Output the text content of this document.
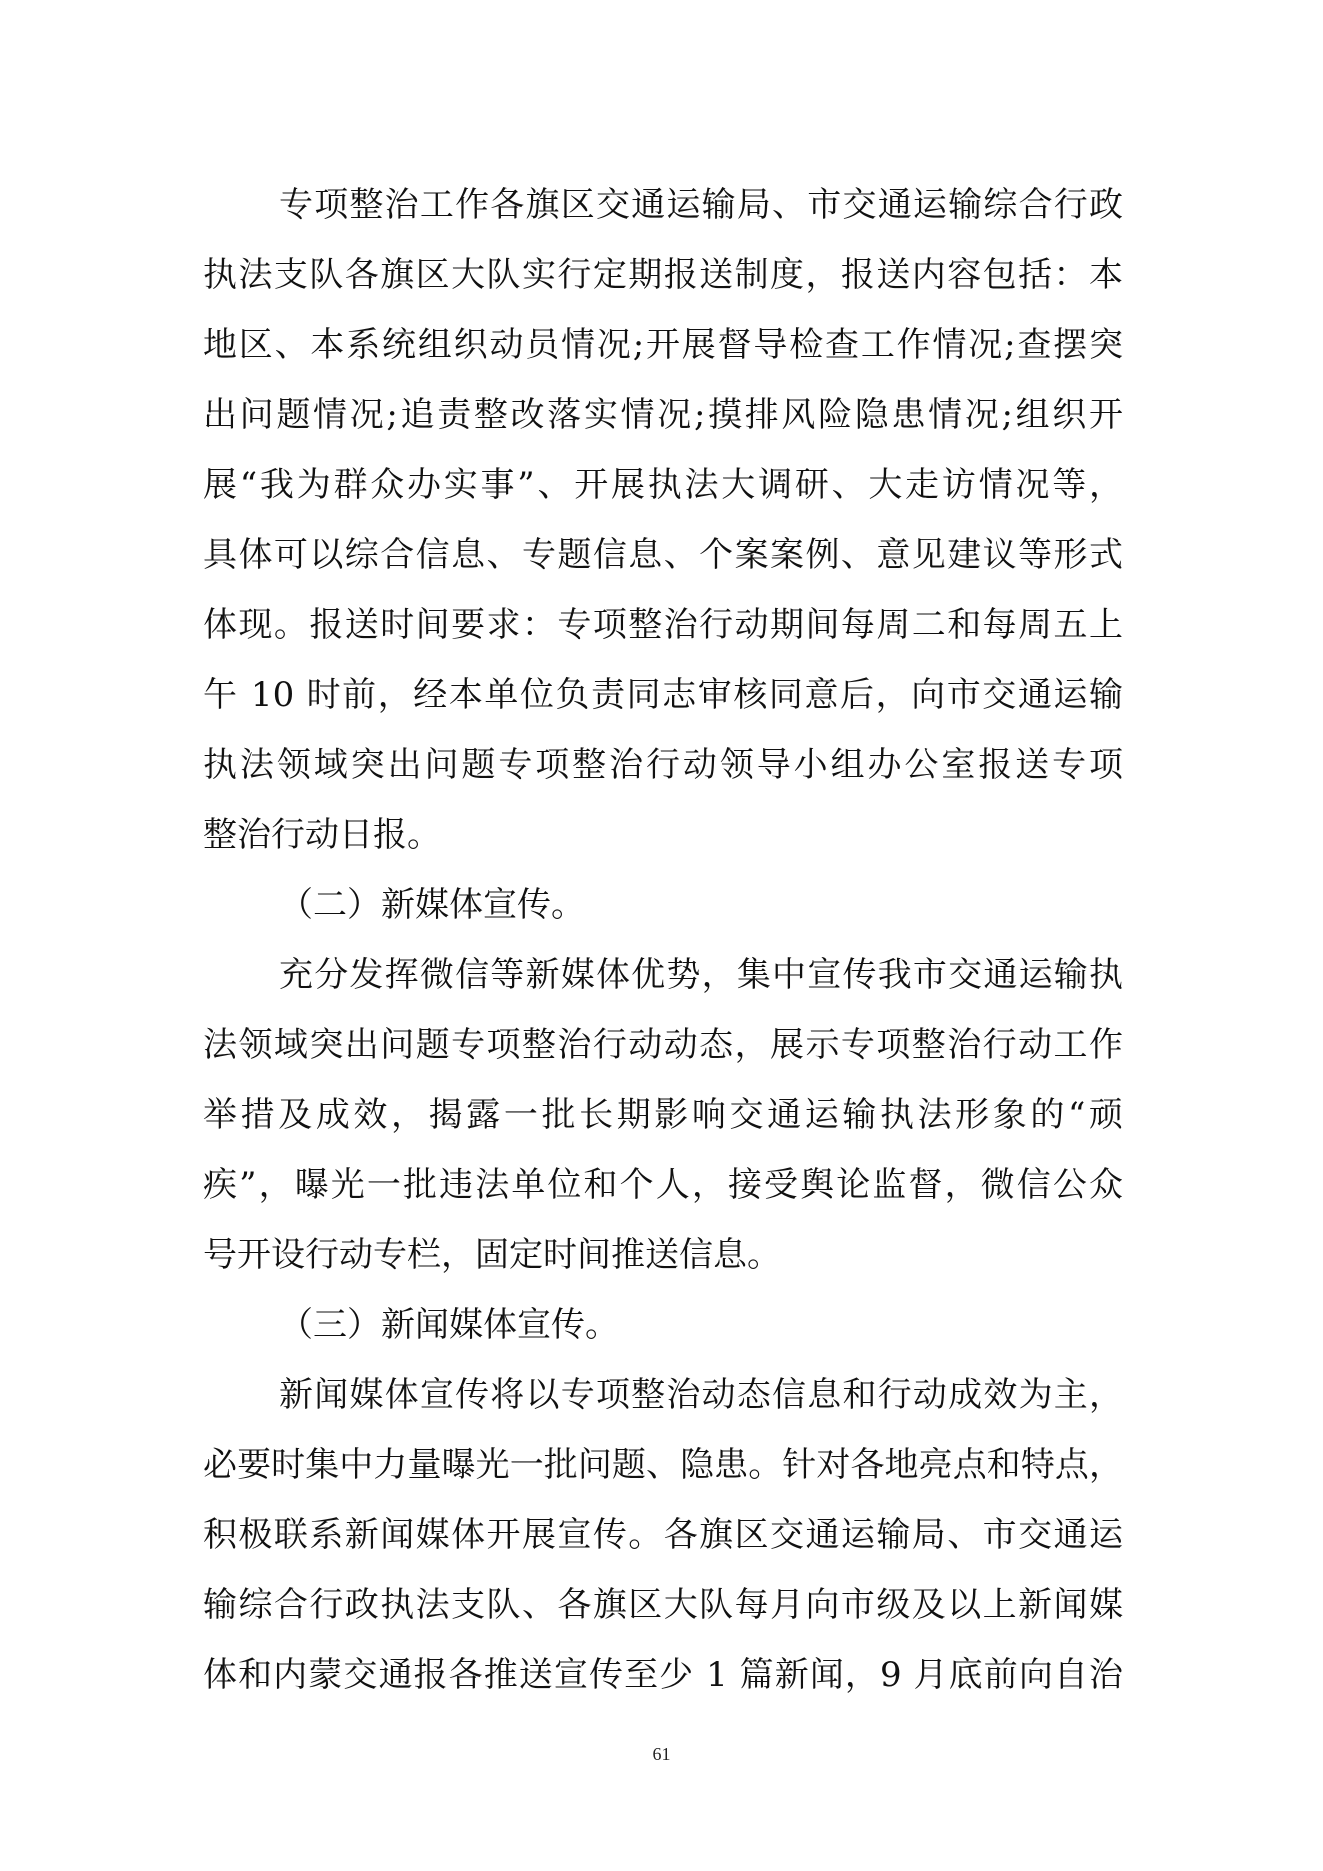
专项整治工作各旗区交通运输局、市交通运输综合行政
执法支队各旗区大队实行定期报送制度，报送内容包括：本
地区、本系统组织动员情况;开展督导检查工作情况;查摆突
出问题情况;追责整改落实情况;摸排风险隐患情况;组织开
展“我为群众办实事”、开展执法大调研、大走访情况等，
具体可以综合信息、专题信息、个案案例、意见建议等形式
体现。报送时间要求：专项整治行动期间每周二和每周五上
午 10 时前，经本单位负责同志审核同意后，向市交通运输
执法领域突出问题专项整治行动领导小组办公室报送专项
整治行动日报。
（二）新媒体宣传。
充分发挥微信等新媒体优势，集中宣传我市交通运输执
法领域突出问题专项整治行动动态，展示专项整治行动工作
举措及成效，揭露一批长期影响交通运输执法形象的“顽
疾”，曝光一批违法单位和个人，接受舆论监督，微信公众
号开设行动专栏，固定时间推送信息。
（三）新闻媒体宣传。
新闻媒体宣传将以专项整治动态信息和行动成效为主，
必要时集中力量曝光一批问题、隐患。针对各地亮点和特点，
积极联系新闻媒体开展宣传。各旗区交通运输局、市交通运
输综合行政执法支队、各旗区大队每月向市级及以上新闻媒
体和内蒙交通报各推送宣传至少 1 篇新闻，9 月底前向自治
61
